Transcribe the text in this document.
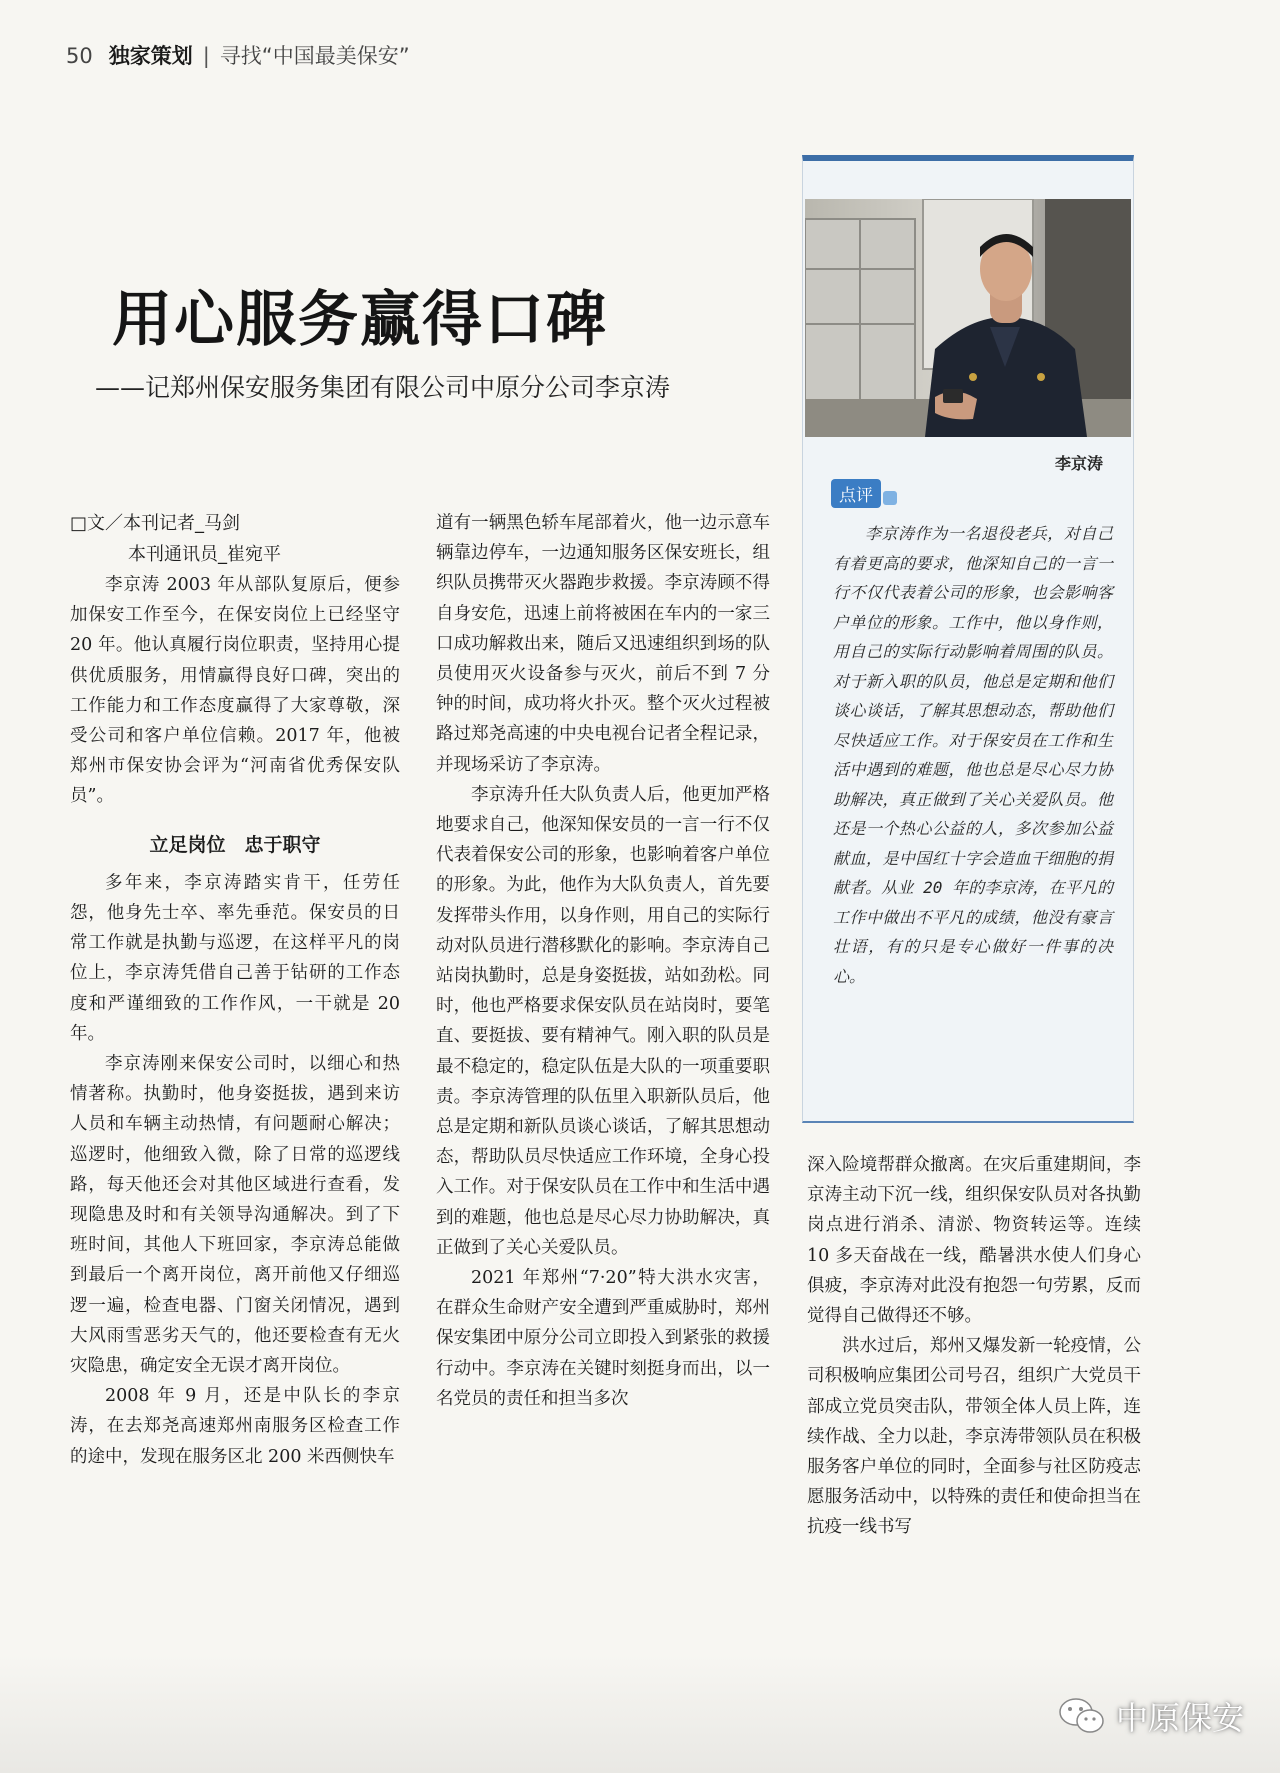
50 独家策划 | 寻找“中国最美保安”
用心服务赢得口碑
——记郑州保安服务集团有限公司中原分公司李京涛
□文／本刊记者_马剑
本刊通讯员_崔宛平

李京涛 2003 年从部队复原后，便参加保安工作至今，在保安岗位上已经坚守 20 年。他认真履行岗位职责，坚持用心提供优质服务，用情赢得良好口碑，突出的工作能力和工作态度赢得了大家尊敬，深受公司和客户单位信赖。2017 年，他被郑州市保安协会评为“河南省优秀保安队员”。

立足岗位　忠于职守

多年来，李京涛踏实肯干，任劳任怨，他身先士卒、率先垂范。保安员的日常工作就是执勤与巡逻，在这样平凡的岗位上，李京涛凭借自己善于钻研的工作态度和严谨细致的工作作风，一干就是 20 年。

李京涛刚来保安公司时，以细心和热情著称。执勤时，他身姿挺拔，遇到来访人员和车辆主动热情，有问题耐心解决；巡逻时，他细致入微，除了日常的巡逻线路，每天他还会对其他区域进行查看，发现隐患及时和有关领导沟通解决。到了下班时间，其他人下班回家，李京涛总能做到最后一个离开岗位，离开前他又仔细巡逻一遍，检查电器、门窗关闭情况，遇到大风雨雪恶劣天气的，他还要检查有无火灾隐患，确定安全无误才离开岗位。

2008 年 9 月，还是中队长的李京涛，在去郑尧高速郑州南服务区检查工作的途中，发现在服务区北 200 米西侧快车

道有一辆黑色轿车尾部着火，他一边示意车辆靠边停车，一边通知服务区保安班长，组织队员携带灭火器跑步救援。李京涛顾不得自身安危，迅速上前将被困在车内的一家三口成功解救出来，随后又迅速组织到场的队员使用灭火设备参与灭火，前后不到 7 分钟的时间，成功将火扑灭。整个灭火过程被路过郑尧高速的中央电视台记者全程记录，并现场采访了李京涛。

李京涛升任大队负责人后，他更加严格地要求自己，他深知保安员的一言一行不仅代表着保安公司的形象，也影响着客户单位的形象。为此，他作为大队负责人，首先要发挥带头作用，以身作则，用自己的实际行动对队员进行潜移默化的影响。李京涛自己站岗执勤时，总是身姿挺拔，站如劲松。同时，他也严格要求保安队员在站岗时，要笔直、要挺拔、要有精神气。刚入职的队员是最不稳定的，稳定队伍是大队的一项重要职责。李京涛管理的队伍里入职新队员后，他总是定期和新队员谈心谈话，了解其思想动态，帮助队员尽快适应工作环境，全身心投入工作。对于保安队员在工作中和生活中遇到的难题，他也总是尽心尽力协助解决，真正做到了关心关爱队员。

2021 年郑州“7·20”特大洪水灾害，在群众生命财产安全遭到严重威胁时，郑州保安集团中原分公司立即投入到紧张的救援行动中。李京涛在关键时刻挺身而出，以一名党员的责任和担当多次

深入险境帮群众撤离。在灾后重建期间，李京涛主动下沉一线，组织保安队员对各执勤岗点进行消杀、清淤、物资转运等。连续 10 多天奋战在一线，酷暑洪水使人们身心俱疲，李京涛对此没有抱怨一句劳累，反而觉得自己做得还不够。

洪水过后，郑州又爆发新一轮疫情，公司积极响应集团公司号召，组织广大党员干部成立党员突击队，带领全体人员上阵，连续作战、全力以赴，李京涛带领队员在积极服务客户单位的同时，全面参与社区防疫志愿服务活动中，以特殊的责任和使命担当在抗疫一线书写

李京涛
点评

李京涛作为一名退役老兵，对自己有着更高的要求，他深知自己的一言一行不仅代表着公司的形象，也会影响客户单位的形象。工作中，他以身作则，用自己的实际行动影响着周围的队员。对于新入职的队员，他总是定期和他们谈心谈话，了解其思想动态，帮助他们尽快适应工作。对于保安员在工作和生活中遇到的难题，他也总是尽心尽力协助解决，真正做到了关心关爱队员。他还是一个热心公益的人，多次参加公益献血，是中国红十字会造血干细胞的捐献者。从业 20 年的李京涛，在平凡的工作中做出不平凡的成绩，他没有豪言壮语，有的只是专心做好一件事的决心。

中原保安
